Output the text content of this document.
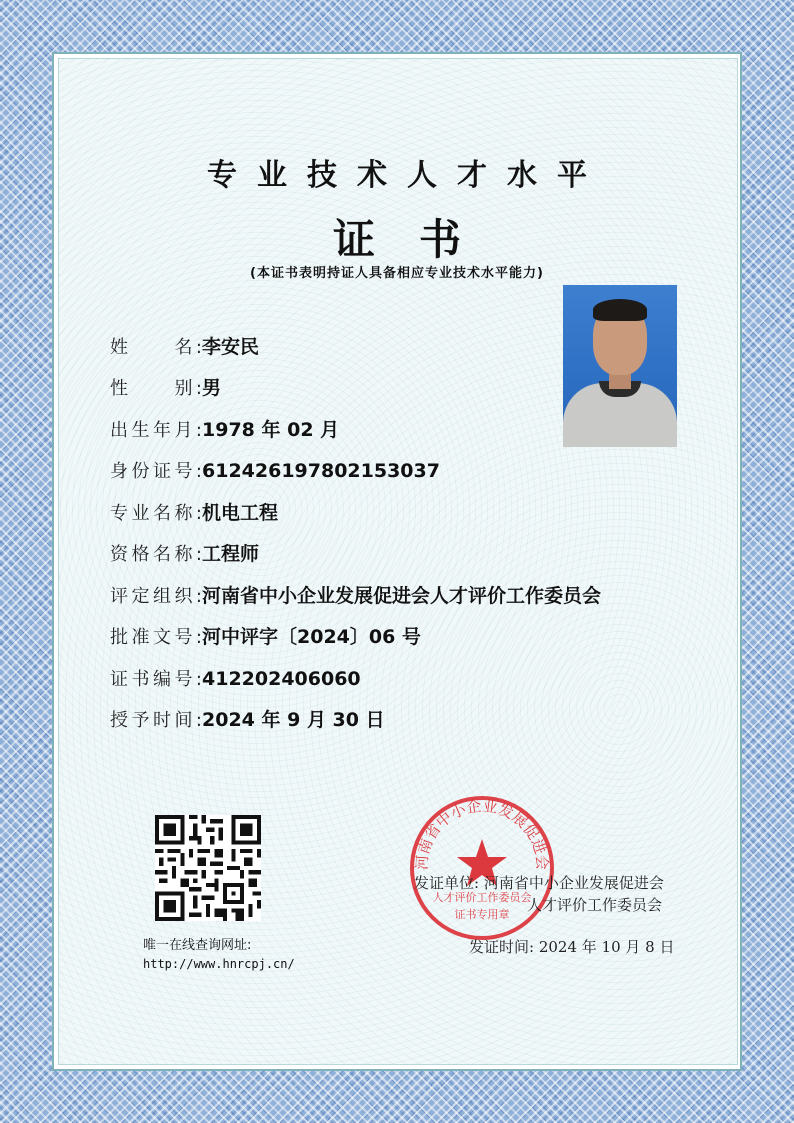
专业技术人才水平
证书
(本证书表明持证人具备相应专业技术水平能力)
姓　　名:李安民
性　　别:男
出生年月:1978 年 02 月
身份证号:612426197802153037
专业名称:机电工程
资格名称:工程师
评定组织:河南省中小企业发展促进会人才评价工作委员会
批准文号:河中评字〔2024〕06 号
证书编号:412202406060
授予时间:2024 年 9 月 30 日
唯一在线查询网址:
http://www.hnrcpj.cn/
河南省中小企业发展促进会
人才评价工作委员会
证书专用章
发证单位: 河南省中小企业发展促进会
人才评价工作委员会
发证时间: 2024 年 10 月 8 日
